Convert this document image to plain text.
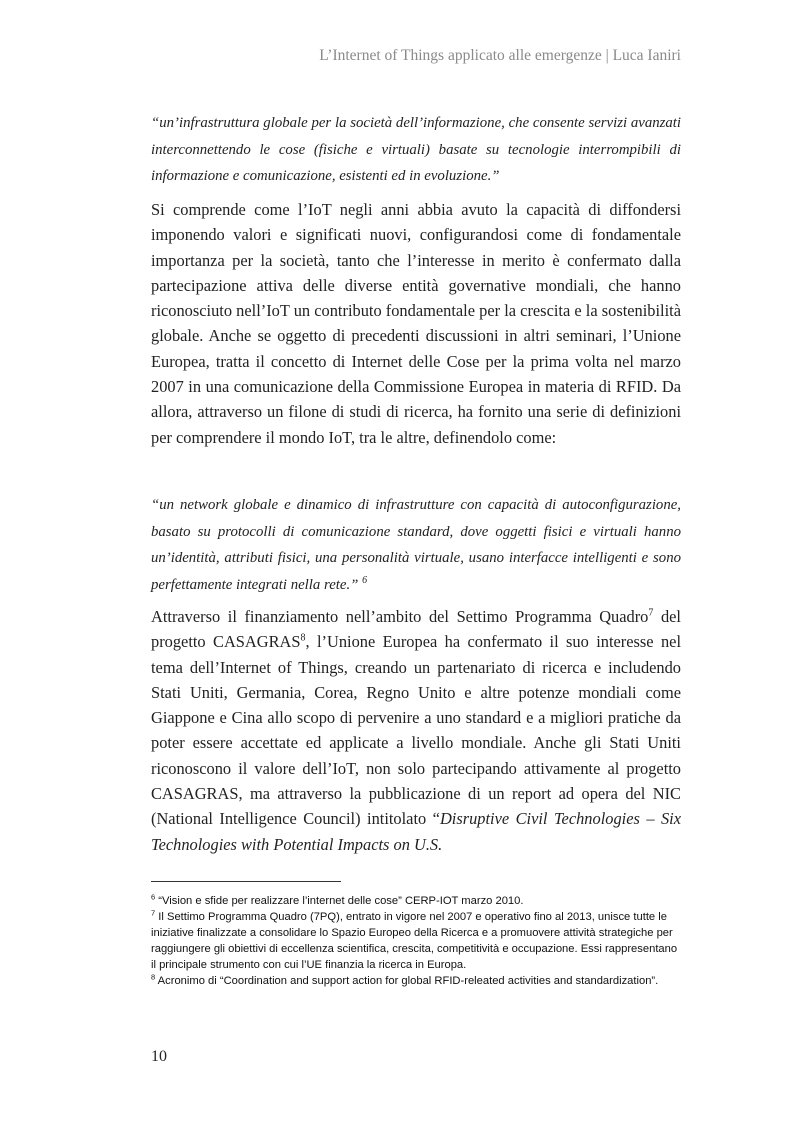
L’Internet of Things applicato alle emergenze | Luca Ianiri

“un’infrastruttura globale per la società dell’informazione, che consente servizi avanzati interconnettendo le cose (fisiche e virtuali) basate su tecnologie interrompibili di informazione e comunicazione, esistenti ed in evoluzione.”

Si comprende come l’IoT negli anni abbia avuto la capacità di diffondersi imponendo valori e significati nuovi, configurandosi come di fondamentale importanza per la società, tanto che l’interesse in merito è confermato dalla partecipazione attiva delle diverse entità governative mondiali, che hanno riconosciuto nell’IoT un contributo fondamentale per la crescita e la sostenibilità globale. Anche se oggetto di precedenti discussioni in altri seminari, l’Unione Europea, tratta il concetto di Internet delle Cose per la prima volta nel marzo 2007 in una comunicazione della Commissione Europea in materia di RFID. Da allora, attraverso un filone di studi di ricerca, ha fornito una serie di definizioni per comprendere il mondo IoT, tra le altre, definendolo come:

“un network globale e dinamico di infrastrutture con capacità di autoconfigurazione, basato su protocolli di comunicazione standard, dove oggetti fisici e virtuali hanno un’identità, attributi fisici, una personalità virtuale, usano interfacce intelligenti e sono perfettamente integrati nella rete.” $^6$

Attraverso il finanziamento nell’ambito del Settimo Programma Quadro$^7$ del progetto CASAGRAS$^8$, l’Unione Europea ha confermato il suo interesse nel tema dell’Internet of Things, creando un partenariato di ricerca e includendo Stati Uniti, Germania, Corea, Regno Unito e altre potenze mondiali come Giappone e Cina allo scopo di pervenire a uno standard e a migliori pratiche da poter essere accettate ed applicate a livello mondiale. Anche gli Stati Uniti riconoscono il valore dell’IoT, non solo partecipando attivamente al progetto CASAGRAS, ma attraverso la pubblicazione di un report ad opera del NIC (National Intelligence Council) intitolato “Disruptive Civil Technologies – Six Technologies with Potential Impacts on U.S.

$^6$ “Vision e sfide per realizzare l’internet delle cose” CERP-IOT marzo 2010.

$^7$ Il Settimo Programma Quadro (7PQ), entrato in vigore nel 2007 e operativo fino al 2013, unisce tutte le iniziative finalizzate a consolidare lo Spazio Europeo della Ricerca e a promuovere attività strategiche per raggiungere gli obiettivi di eccellenza scientifica, crescita, competitività e occupazione. Essi rappresentano il principale strumento con cui l’UE finanzia la ricerca in Europa.

$^8$ Acronimo di “Coordination and support action for global RFID-releated activities and standardization”.

10
